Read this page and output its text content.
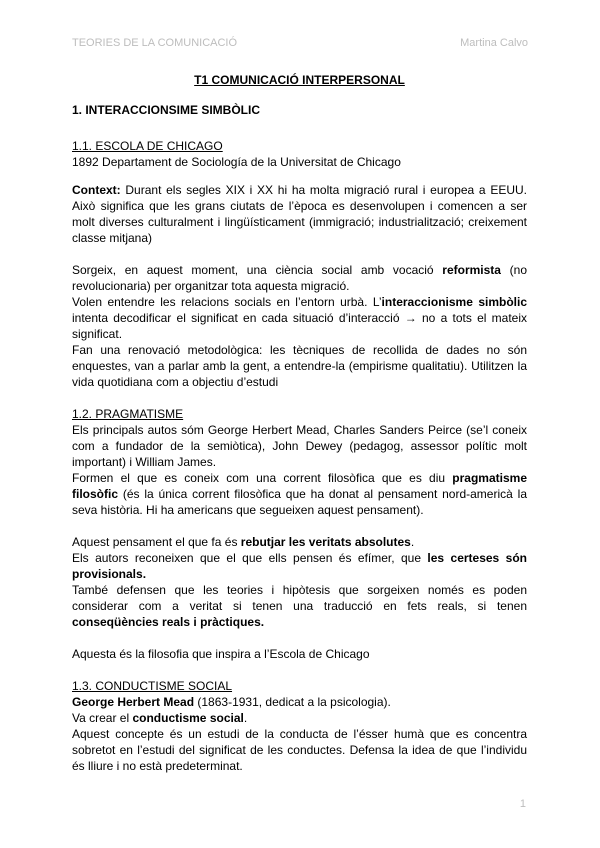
TEORIES DE LA COMUNICACIÓ	Martina Calvo

T1 COMUNICACIÓ INTERPERSONAL

1. INTERACCIONSIME SIMBÒLIC

1.1. ESCOLA DE CHICAGO

1892 Departament de Sociología de la Universitat de Chicago

Context: Durant els segles XIX i XX hi ha molta migració rural i europea a EEUU. Això significa que les grans ciutats de l’època es desenvolupen i comencen a ser molt diverses culturalment i lingüísticament (immigració; industrialització; creixement classe mitjana)

Sorgeix, en aquest moment, una ciència social amb vocació reformista (no revolucionaria) per organitzar tota aquesta migració.

Volen entendre les relacions socials en l’entorn urbà. L’interaccionisme simbòlic intenta decodificar el significat en cada situació d’interacció → no a tots el mateix significat.

Fan una renovació metodològica: les tècniques de recollida de dades no són enquestes, van a parlar amb la gent, a entendre-la (empirisme qualitatiu). Utilitzen la vida quotidiana com a objectiu d’estudi

1.2. PRAGMATISME

Els principals autos sóm George Herbert Mead, Charles Sanders Peirce (se’l coneix com a fundador de la semiòtica), John Dewey (pedagog, assessor polític molt important) i William James.

Formen el que es coneix com una corrent filosòfica que es diu pragmatisme filosòfic (és la única corrent filosòfica que ha donat al pensament nord-americà la seva història. Hi ha americans que segueixen aquest pensament).

Aquest pensament el que fa és rebutjar les veritats absolutes.

Els autors reconeixen que el que ells pensen és efímer, que les certeses són provisionals.

També defensen que les teories i hipòtesis que sorgeixen només es poden considerar com a veritat si tenen una traducció en fets reals, si tenen conseqüències reals i pràctiques.

Aquesta és la filosofia que inspira a l’Escola de Chicago

1.3. CONDUCTISME SOCIAL

George Herbert Mead (1863-1931, dedicat a la psicologia).

Va crear el conductisme social.

Aquest concepte és un estudi de la conducta de l’ésser humà que es concentra sobretot en l’estudi del significat de les conductes. Defensa la idea de que l’individu és lliure i no està predeterminat.

1
